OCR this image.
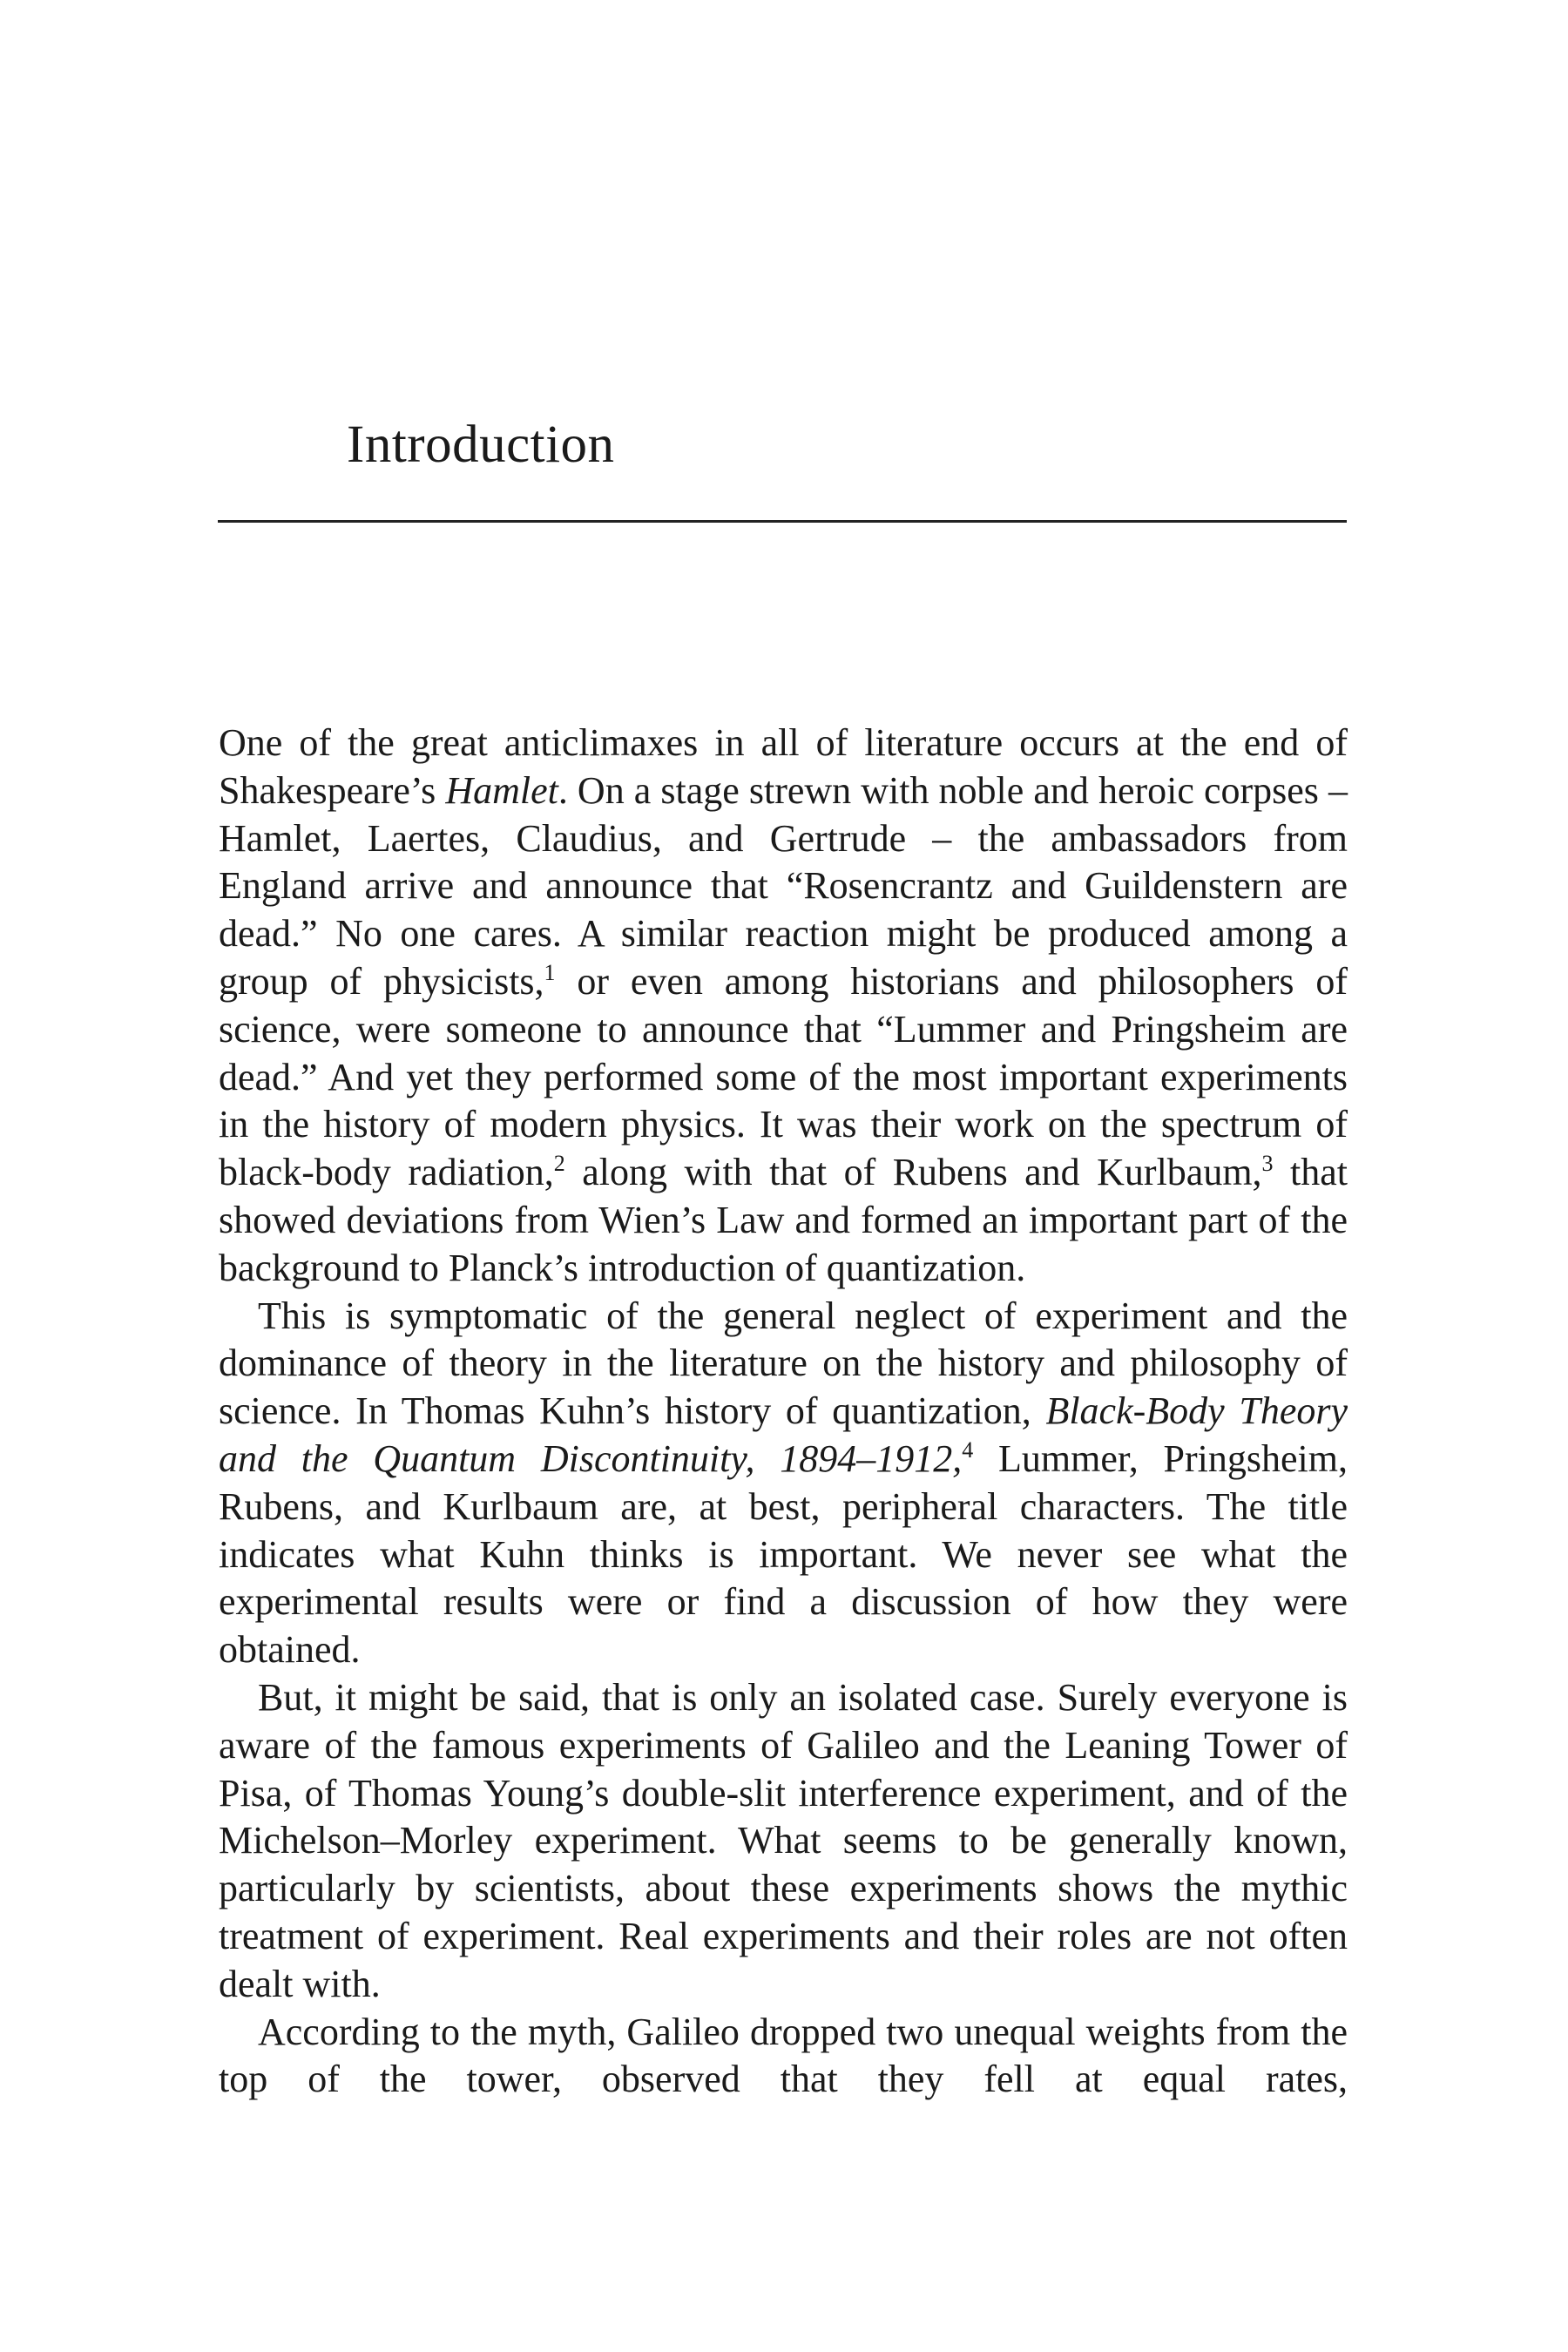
Introduction

One of the great anticlimaxes in all of literature occurs at the end of Shakespeare’s Hamlet. On a stage strewn with noble and heroic corpses – Hamlet, Laertes, Claudius, and Gertrude – the ambassadors from England arrive and announce that “Rosencrantz and Guildenstern are dead.” No one cares. A similar reaction might be produced among a group of physicists,$^1$ or even among historians and philosophers of science, were someone to announce that “Lummer and Pringsheim are dead.” And yet they performed some of the most important experiments in the history of modern physics. It was their work on the spectrum of black-body radiation,$^2$ along with that of Rubens and Kurlbaum,$^3$ that showed deviations from Wien’s Law and formed an important part of the background to Planck’s introduction of quantization.

This is symptomatic of the general neglect of experiment and the dominance of theory in the literature on the history and philosophy of science. In Thomas Kuhn’s history of quantization, Black-Body Theory and the Quantum Discontinuity, 1894–1912,$^4$ Lummer, Pringsheim, Rubens, and Kurlbaum are, at best, peripheral characters. The title indicates what Kuhn thinks is important. We never see what the experimental results were or find a discussion of how they were obtained.

But, it might be said, that is only an isolated case. Surely everyone is aware of the famous experiments of Galileo and the Leaning Tower of Pisa, of Thomas Young’s double-slit interference experiment, and of the Michelson–Morley experiment. What seems to be generally known, particularly by scientists, about these experiments shows the mythic treatment of experiment. Real experiments and their roles are not often dealt with.

According to the myth, Galileo dropped two unequal weights from the top of the tower, observed that they fell at equal rates,
